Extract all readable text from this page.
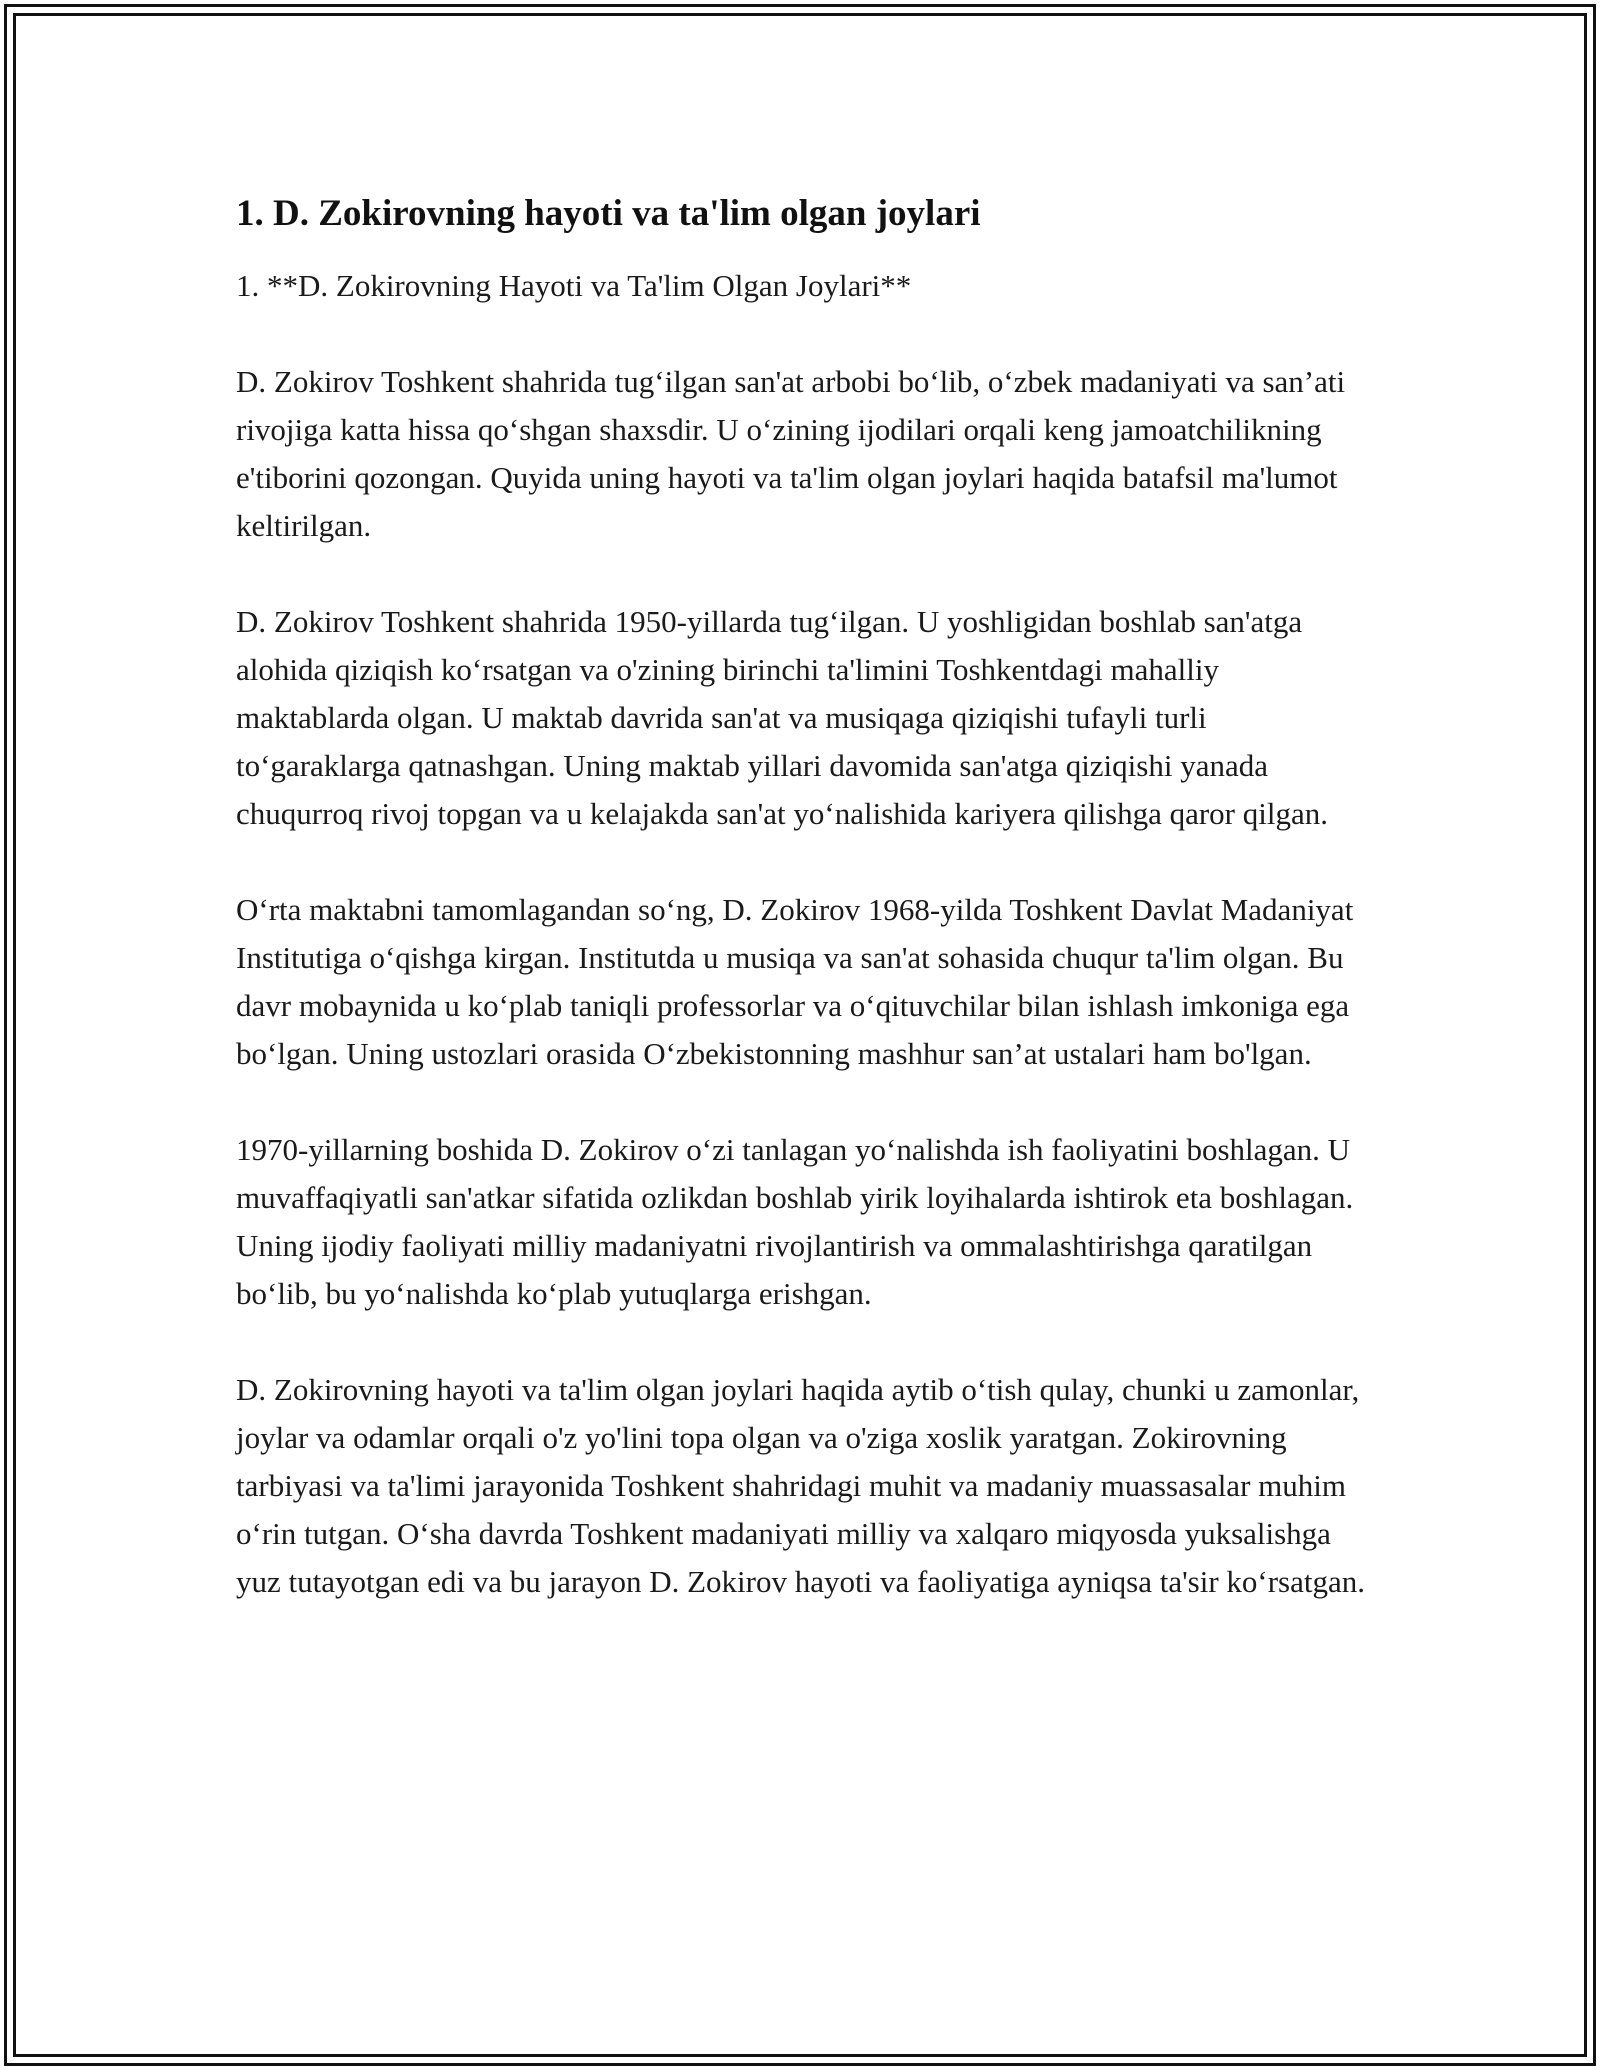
1. D. Zokirovning hayoti va ta'lim olgan joylari
1. **D. Zokirovning Hayoti va Ta'lim Olgan Joylari**

D. Zokirov Toshkent shahrida tug‘ilgan san'at arbobi bo‘lib, o‘zbek madaniyati va san’ati rivojiga katta hissa qo‘shgan shaxsdir. U o‘zining ijodilari orqali keng jamoatchilikning e'tiborini qozongan. Quyida uning hayoti va ta'lim olgan joylari haqida batafsil ma'lumot keltirilgan.

D. Zokirov Toshkent shahrida 1950-yillarda tug‘ilgan. U yoshligidan boshlab san'atga alohida qiziqish ko‘rsatgan va o'zining birinchi ta'limini Toshkentdagi mahalliy maktablarda olgan. U maktab davrida san'at va musiqaga qiziqishi tufayli turli to‘garaklarga qatnashgan. Uning maktab yillari davomida san'atga qiziqishi yanada chuqurroq rivoj topgan va u kelajakda san'at yo‘nalishida kariyera qilishga qaror qilgan.

O‘rta maktabni tamomlagandan so‘ng, D. Zokirov 1968-yilda Toshkent Davlat Madaniyat Institutiga o‘qishga kirgan. Institutda u musiqa va san'at sohasida chuqur ta'lim olgan. Bu davr mobaynida u ko‘plab taniqli professorlar va o‘qituvchilar bilan ishlash imkoniga ega bo‘lgan. Uning ustozlari orasida O‘zbekistonning mashhur san’at ustalari ham bo'lgan.

1970-yillarning boshida D. Zokirov o‘zi tanlagan yo‘nalishda ish faoliyatini boshlagan. U muvaffaqiyatli san'atkar sifatida ozlikdan boshlab yirik loyihalarda ishtirok eta boshlagan. Uning ijodiy faoliyati milliy madaniyatni rivojlantirish va ommalashtirishga qaratilgan bo‘lib, bu yo‘nalishda ko‘plab yutuqlarga erishgan.

D. Zokirovning hayoti va ta'lim olgan joylari haqida aytib o‘tish qulay, chunki u zamonlar, joylar va odamlar orqali o'z yo'lini topa olgan va o'ziga xoslik yaratgan. Zokirovning tarbiyasi va ta'limi jarayonida Toshkent shahridagi muhit va madaniy muassasalar muhim o‘rin tutgan. O‘sha davrda Toshkent madaniyati milliy va xalqaro miqyosda yuksalishga yuz tutayotgan edi va bu jarayon D. Zokirov hayoti va faoliyatiga ayniqsa ta'sir ko‘rsatgan.
